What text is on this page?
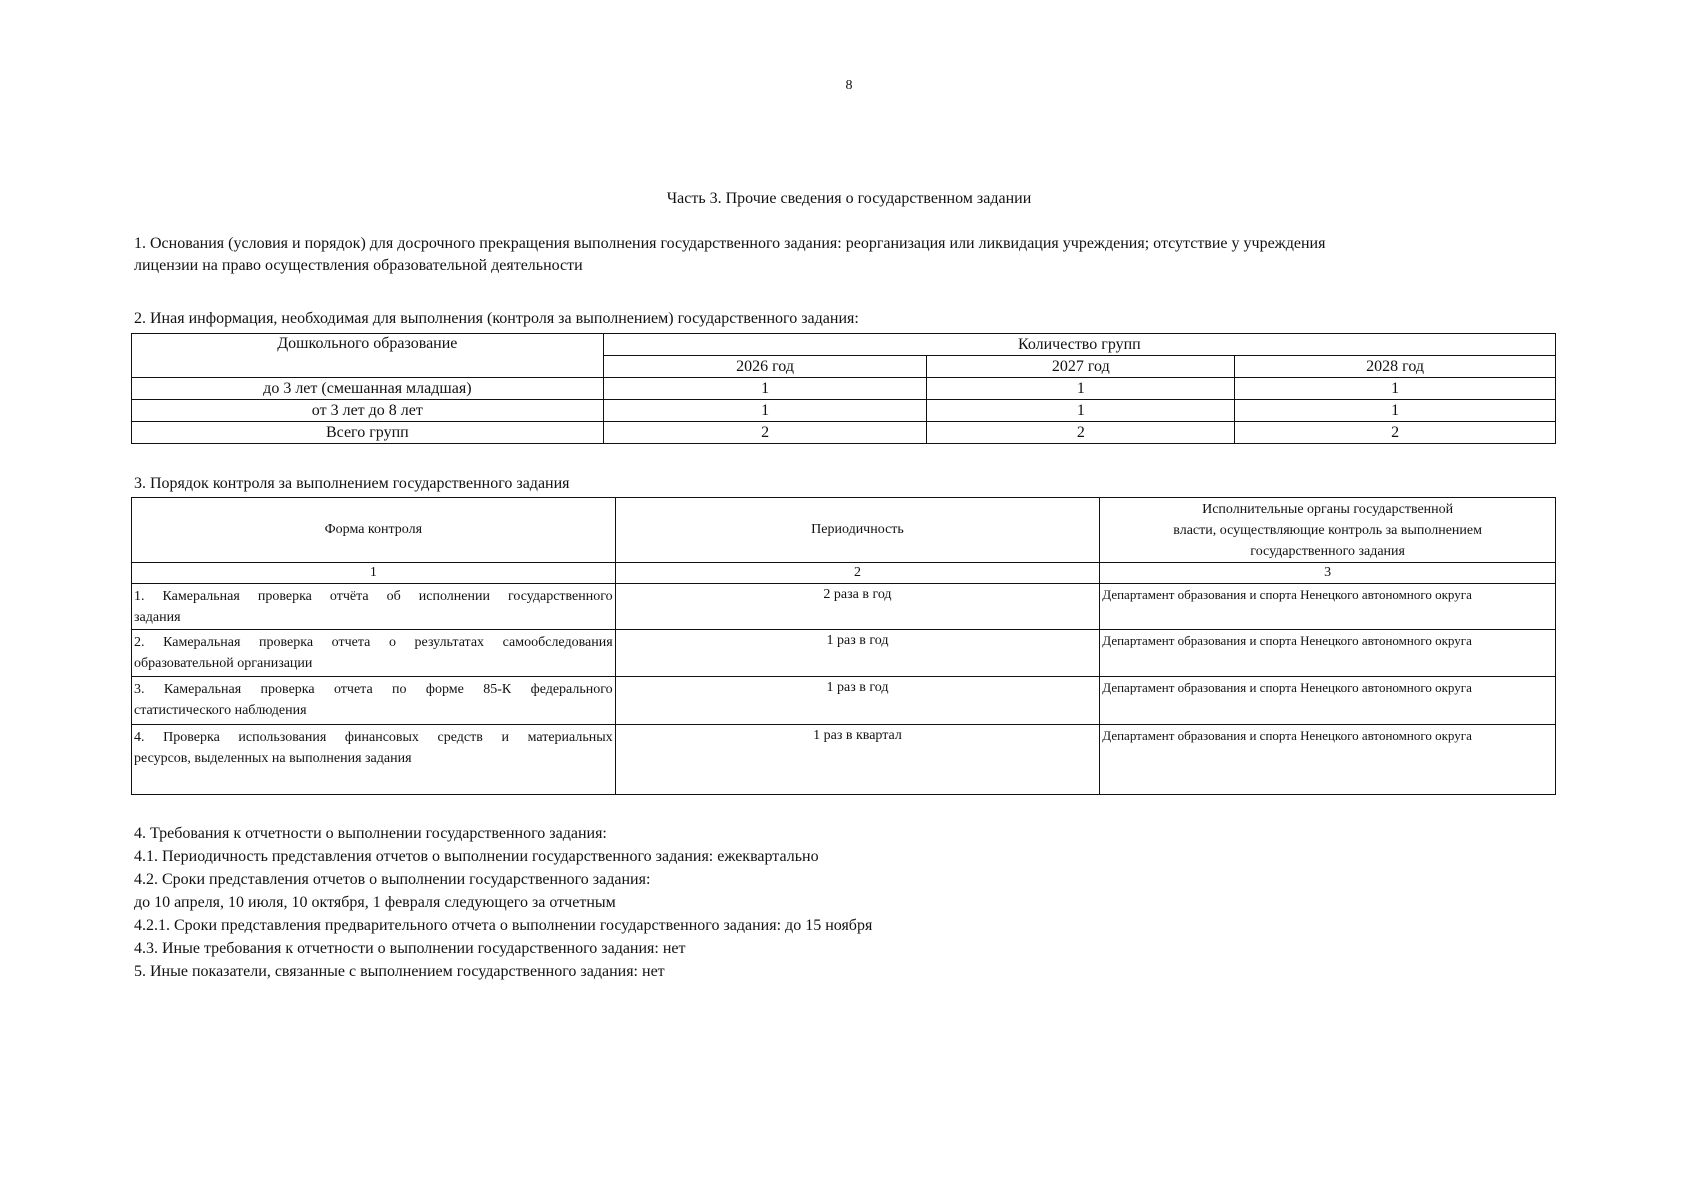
8
Часть 3. Прочие сведения о государственном задании
1. Основания (условия и порядок) для досрочного прекращения выполнения государственного задания: реорганизация или ликвидация учреждения; отсутствие у учреждения
лицензии на право осуществления образовательной деятельности
2. Иная информация, необходимая для выполнения (контроля за выполнением) государственного задания:
Дошкольного образование	Количество групп		
	2026 год	2027 год	2028 год
до 3 лет (смешанная младшая)	1	1	1
от 3 лет до 8 лет	1	1	1
Всего групп	2	2	2
3. Порядок контроля за выполнением государственного задания
Форма контроля	Периодичность	Исполнительные органы государственной
власти, осуществляющие контроль за выполнением
государственного задания

1	2	3

1. Камеральная проверка отчёта об исполнении государственного
задания	2 раза в год	Департамент образования и спорта Ненецкого автономного округа

2. Камеральная проверка отчета о результатах самообследования
образовательной организации	1 раз в год	Департамент образования и спорта Ненецкого автономного округа

3. Камеральная проверка отчета по форме 85-К федерального
статистического наблюдения	1 раз в год	Департамент образования и спорта Ненецкого автономного округа

4. Проверка использования финансовых средств и материальных
ресурсов, выделенных на выполнения задания	1 раз в квартал	Департамент образования и спорта Ненецкого автономного округа
4. Требования к отчетности о выполнении государственного задания:
4.1. Периодичность представления отчетов о выполнении государственного задания: ежеквартально
4.2. Сроки представления отчетов о выполнении государственного задания:
до 10 апреля, 10 июля, 10 октября, 1 февраля следующего за отчетным
4.2.1. Сроки представления предварительного отчета о выполнении государственного задания: до 15 ноября
4.3. Иные требования к отчетности о выполнении государственного задания: нет
5. Иные показатели, связанные с выполнением государственного задания: нет
